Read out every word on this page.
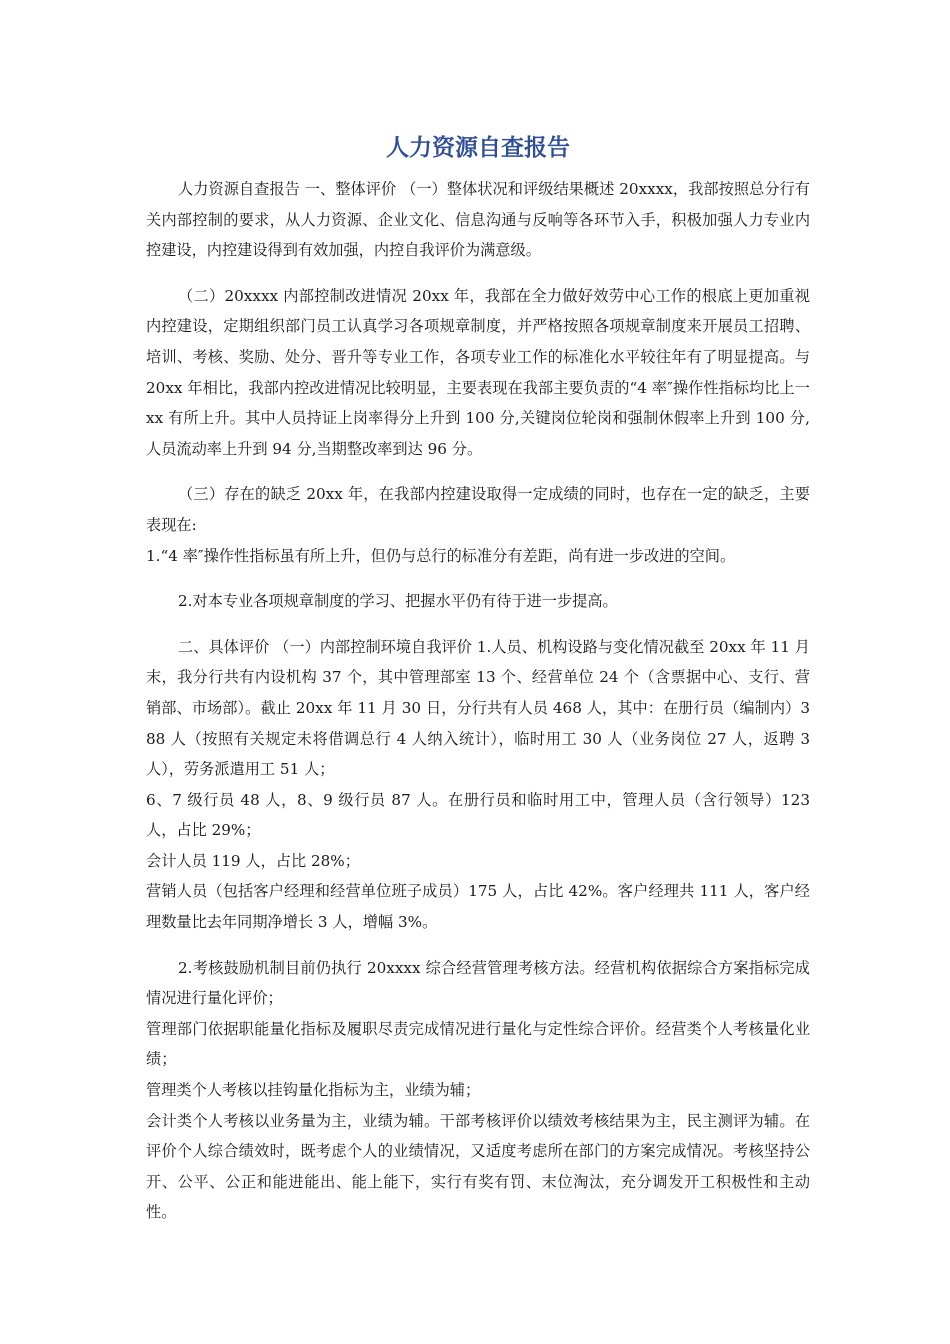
人力资源自查报告

人力资源自查报告 一、整体评价 （一）整体状况和评级结果概述 20xxxx，我部按照总分行有关内部控制的要求，从人力资源、企业文化、信息沟通与反响等各环节入手，积极加强人力专业内控建设，内控建设得到有效加强，内控自我评价为满意级。

（二）20xxxx 内部控制改进情况 20xx 年，我部在全力做好效劳中心工作的根底上更加重视内控建设，定期组织部门员工认真学习各项规章制度，并严格按照各项规章制度来开展员工招聘、培训、考核、奖励、处分、晋升等专业工作，各项专业工作的标准化水平较往年有了明显提高。与 20xx 年相比，我部内控改进情况比较明显，主要表现在我部主要负责的“4 率″操作性指标均比上一 xx 有所上升。其中人员持证上岗率得分上升到 100 分,关键岗位轮岗和强制休假率上升到 100 分,人员流动率上升到 94 分,当期整改率到达 96 分。

（三）存在的缺乏 20xx 年，在我部内控建设取得一定成绩的同时，也存在一定的缺乏，主要表现在:

1.“4 率″操作性指标虽有所上升，但仍与总行的标准分有差距，尚有进一步改进的空间。

2.对本专业各项规章制度的学习、把握水平仍有待于进一步提高。

二、具体评价 （一）内部控制环境自我评价 1.人员、机构设路与变化情况截至 20xx 年 11 月末，我分行共有内设机构 37 个，其中管理部室 13 个、经营单位 24 个（含票据中心、支行、营销部、市场部）。截止 20xx 年 11 月 30 日，分行共有人员 468 人，其中：在册行员（编制内）388 人（按照有关规定未将借调总行 4 人纳入统计），临时用工 30 人（业务岗位 27 人，返聘 3 人），劳务派遣用工 51 人；

6、7 级行员 48 人，8、9 级行员 87 人。在册行员和临时用工中，管理人员（含行领导）123 人，占比 29%；

会计人员 119 人，占比 28%；

营销人员（包括客户经理和经营单位班子成员）175 人，占比 42%。客户经理共 111 人，客户经理数量比去年同期净增长 3 人，增幅 3%。

2.考核鼓励机制目前仍执行 20xxxx 综合经营管理考核方法。经营机构依据综合方案指标完成情况进行量化评价；

管理部门依据职能量化指标及履职尽责完成情况进行量化与定性综合评价。经营类个人考核量化业绩；

管理类个人考核以挂钩量化指标为主，业绩为辅；

会计类个人考核以业务量为主，业绩为辅。干部考核评价以绩效考核结果为主，民主测评为辅。在评价个人综合绩效时，既考虑个人的业绩情况，又适度考虑所在部门的方案完成情况。考核坚持公开、公平、公正和能进能出、能上能下，实行有奖有罚、末位淘汰，充分调发开工积极性和主动性。
